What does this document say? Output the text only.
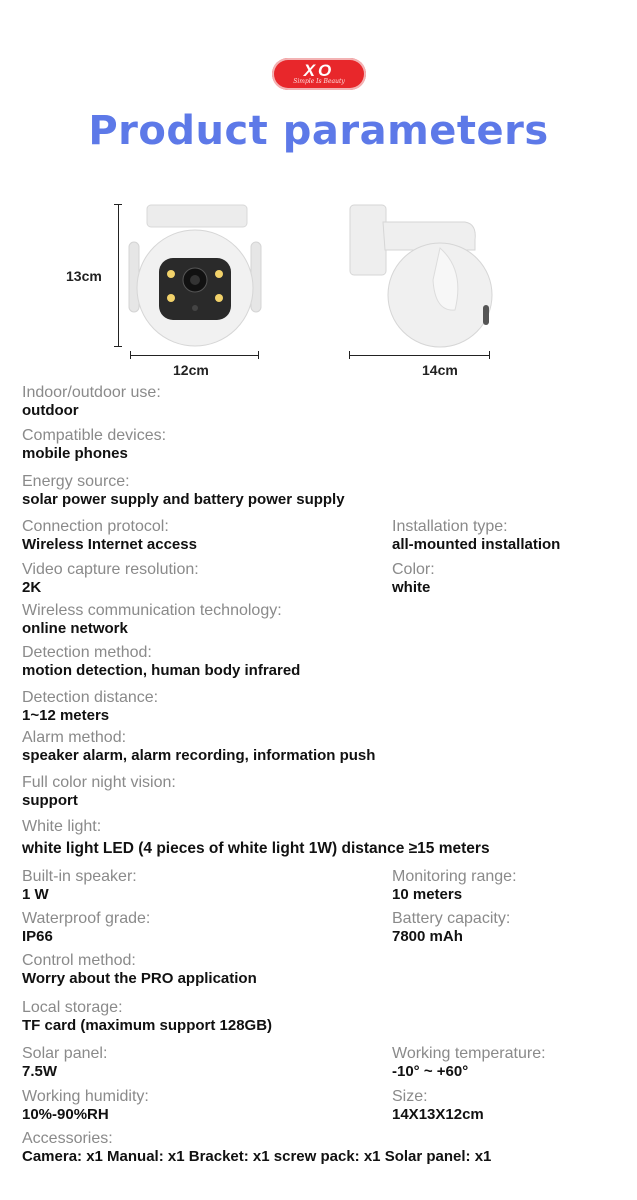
XO
Simple Is Beauty
Product parameters
13cm
12cm	14cm
Indoor/outdoor use:
outdoor
Compatible devices:
mobile phones
Energy source:
solar power supply and battery power supply
Connection protocol:
Wireless Internet access
Installation type:
all-mounted installation
Video capture resolution:
2K
Color:
white
Wireless communication technology:
online network
Detection method:
motion detection, human body infrared
Detection distance:
1~12 meters
Alarm method:
speaker alarm, alarm recording, information push
Full color night vision:
support
White light:
white light LED (4 pieces of white light 1W) distance ≥15 meters
Built-in speaker:
1 W
Monitoring range:
10 meters
Waterproof grade:
IP66
Battery capacity:
7800 mAh
Control method:
Worry about the PRO application
Local storage:
TF card (maximum support 128GB)
Solar panel:
7.5W
Working temperature:
-10° ~ +60°
Working humidity:
10%-90%RH
Size:
14X13X12cm
Accessories:
Camera: x1 Manual: x1 Bracket: x1 screw pack: x1 Solar panel: x1
